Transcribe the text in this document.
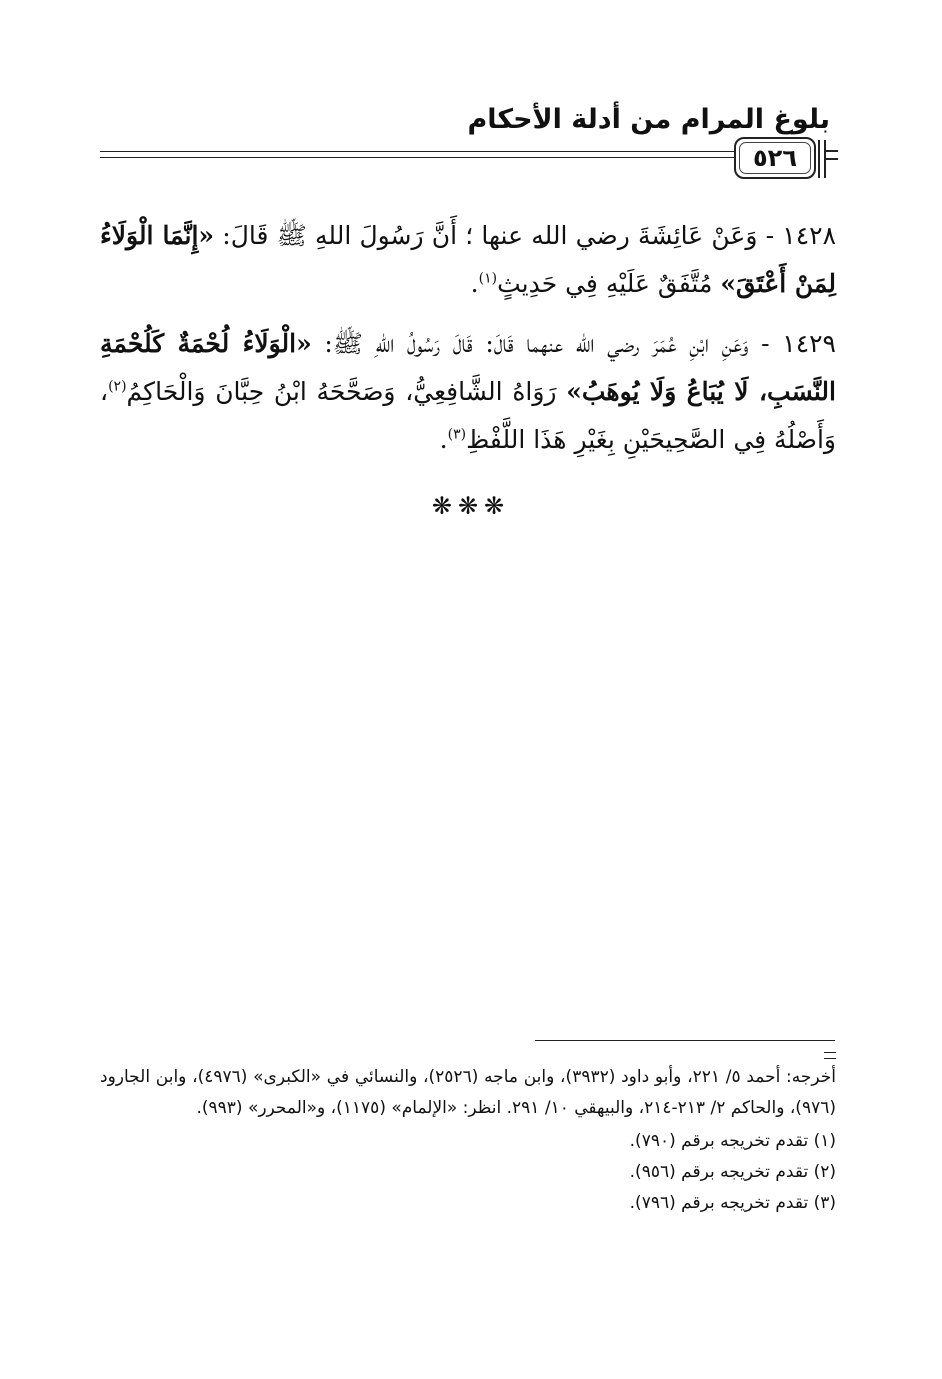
بلوغ المرام من أدلة الأحكام
٥٢٦

١٤٢٨ - وَعَنْ عَائِشَةَ رضي الله عنها ؛ أَنَّ رَسُولَ اللهِ ﷺ قَالَ: «إِنَّمَا الْوَلَاءُ لِمَنْ أَعْتَقَ» مُتَّفَقٌ عَلَيْهِ فِي حَدِيثٍ$^{(١)}$.

١٤٢٩ - وَعَنِ ابْنِ عُمَرَ رضي الله عنهما قَالَ: قَالَ رَسُولُ اللهِ ﷺ: «الْوَلَاءُ لُحْمَةٌ كَلُحْمَةِ النَّسَبِ، لَا يُبَاعُ وَلَا يُوهَبُ» رَوَاهُ الشَّافِعِيُّ، وَصَحَّحَهُ ابْنُ حِبَّانَ وَالْحَاكِمُ$^{(٢)}$، وَأَصْلُهُ فِي الصَّحِيحَيْنِ بِغَيْرِ هَذَا اللَّفْظِ$^{(٣)}$.

❋❋❋

أخرجه: أحمد ٥/ ٢٢١، وأبو داود (٣٩٣٢)، وابن ماجه (٢٥٢٦)، والنسائي في «الكبرى» (٤٩٧٦)، وابن الجارود (٩٧٦)، والحاكم ٢/ ٢١٣-٢١٤، والبيهقي ١٠/ ٢٩١. انظر: «الإلمام» (١١٧٥)، و«المحرر» (٩٩٣).

(١) تقدم تخريجه برقم (٧٩٠).

(٢) تقدم تخريجه برقم (٩٥٦).

(٣) تقدم تخريجه برقم (٧٩٦).
